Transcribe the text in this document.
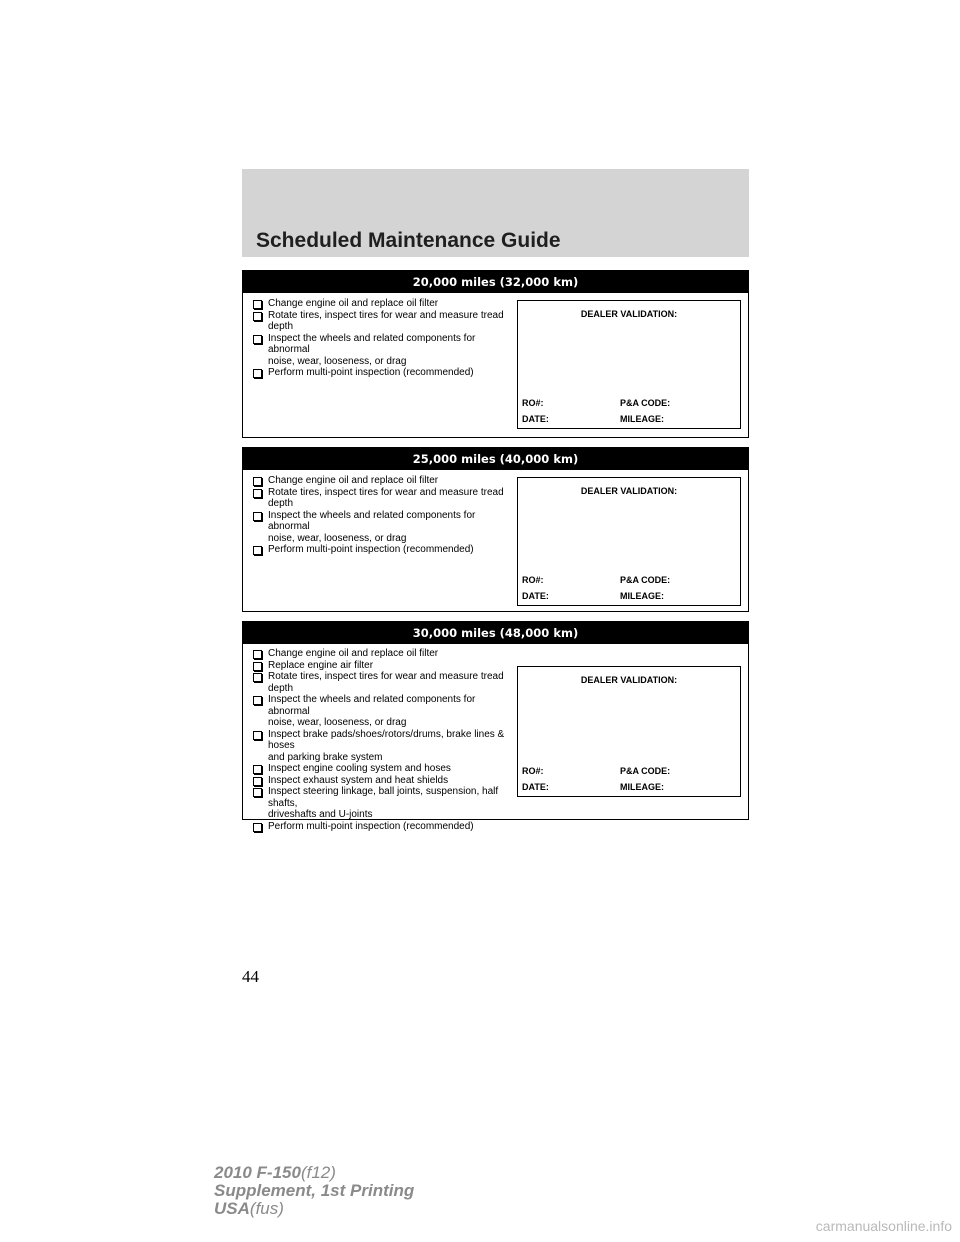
Scheduled Maintenance Guide
20,000 miles (32,000 km)
Change engine oil and replace oil filter
Rotate tires, inspect tires for wear and measure tread depth
Inspect the wheels and related components for abnormal
noise, wear, looseness, or drag
Perform multi-point inspection (recommended)
DEALER VALIDATION:
RO#:	P&A CODE:
DATE:	MILEAGE:
25,000 miles (40,000 km)
Change engine oil and replace oil filter
Rotate tires, inspect tires for wear and measure tread depth
Inspect the wheels and related components for abnormal
noise, wear, looseness, or drag
Perform multi-point inspection (recommended)
DEALER VALIDATION:
RO#:	P&A CODE:
DATE:	MILEAGE:
30,000 miles (48,000 km)
Change engine oil and replace oil filter
Replace engine air filter
Rotate tires, inspect tires for wear and measure tread depth
Inspect the wheels and related components for abnormal
noise, wear, looseness, or drag
Inspect brake pads/shoes/rotors/drums, brake lines & hoses
and parking brake system
Inspect engine cooling system and hoses
Inspect exhaust system and heat shields
Inspect steering linkage, ball joints, suspension, half shafts,
driveshafts and U-joints
Perform multi-point inspection (recommended)
DEALER VALIDATION:
RO#:	P&A CODE:
DATE:	MILEAGE:
44
2010 F-150(f12)
Supplement, 1st Printing
USA(fus)
carmanualsonline.info
